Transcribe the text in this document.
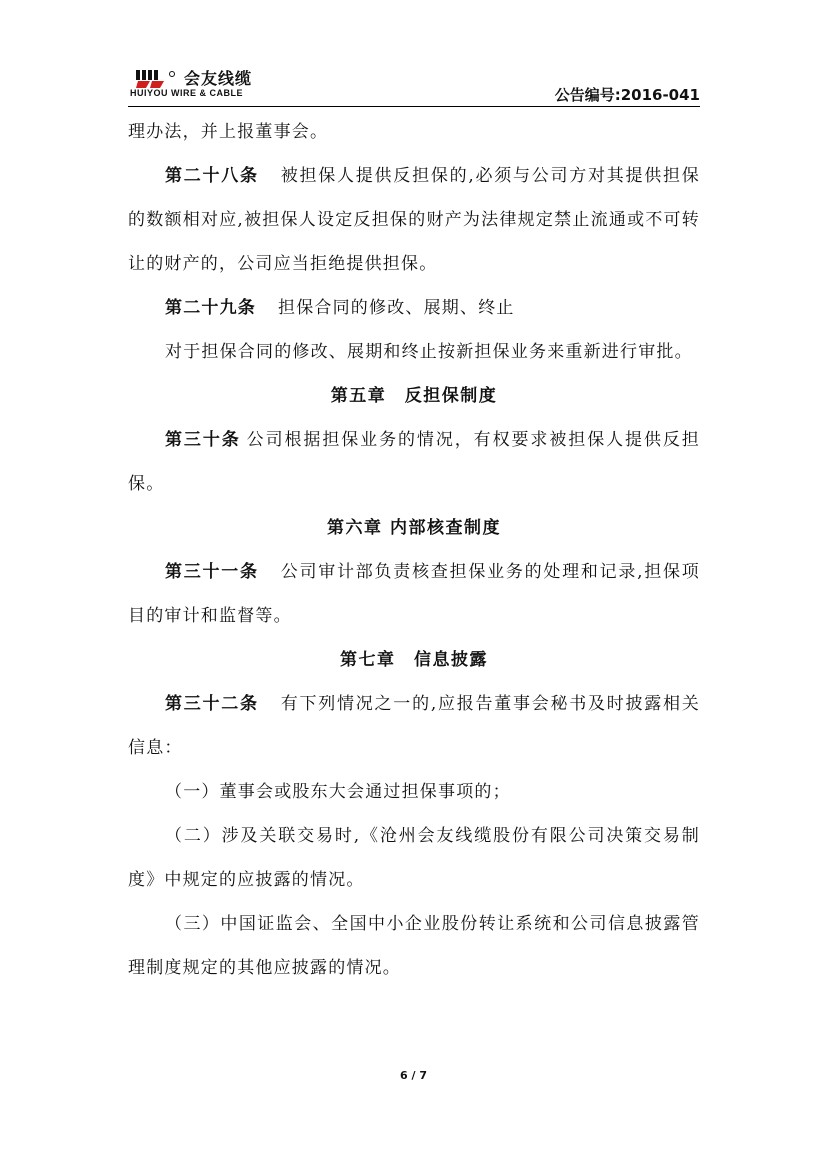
会友线缆
HUIYOU WIRE & CABLE	公告编号:2016-041

理办法，并上报董事会。

第二十八条 被担保人提供反担保的,必须与公司方对其提供担保的数额相对应,被担保人设定反担保的财产为法律规定禁止流通或不可转让的财产的，公司应当拒绝提供担保。

第二十九条 担保合同的修改、展期、终止

对于担保合同的修改、展期和终止按新担保业务来重新进行审批。

第五章　反担保制度

第三十条 公司根据担保业务的情况，有权要求被担保人提供反担保。

第六章 内部核查制度

第三十一条 公司审计部负责核查担保业务的处理和记录,担保项目的审计和监督等。

第七章　信息披露

第三十二条 有下列情况之一的,应报告董事会秘书及时披露相关信息：

（一）董事会或股东大会通过担保事项的；

（二）涉及关联交易时,《沧州会友线缆股份有限公司决策交易制度》中规定的应披露的情况。

（三）中国证监会、全国中小企业股份转让系统和公司信息披露管理制度规定的其他应披露的情况。

6 / 7
